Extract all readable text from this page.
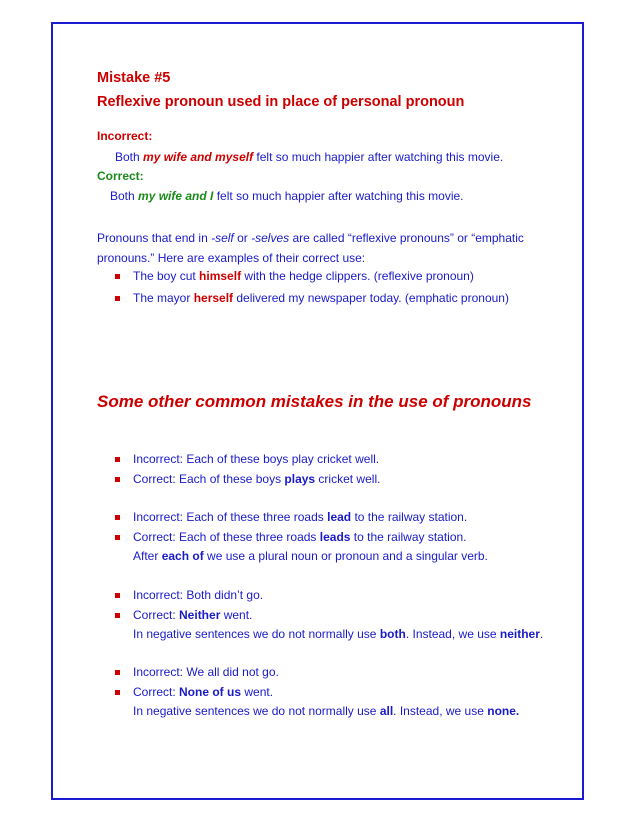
Mistake #5
Reflexive pronoun used in place of personal pronoun
Incorrect:
Both my wife and myself felt so much happier after watching this movie.
Correct:
Both my wife and I felt so much happier after watching this movie.
Pronouns that end in -self or -selves are called “reflexive pronouns” or “emphatic
pronouns.” Here are examples of their correct use:
The boy cut himself with the hedge clippers. (reflexive pronoun)
The mayor herself delivered my newspaper today. (emphatic pronoun)
Some other common mistakes in the use of pronouns
Incorrect: Each of these boys play cricket well.
Correct: Each of these boys plays cricket well.
Incorrect: Each of these three roads lead to the railway station.
Correct: Each of these three roads leads to the railway station.
After each of we use a plural noun or pronoun and a singular verb.
Incorrect: Both didn’t go.
Correct: Neither went.
In negative sentences we do not normally use both. Instead, we use neither.
Incorrect: We all did not go.
Correct: None of us went.
In negative sentences we do not normally use all. Instead, we use none.
